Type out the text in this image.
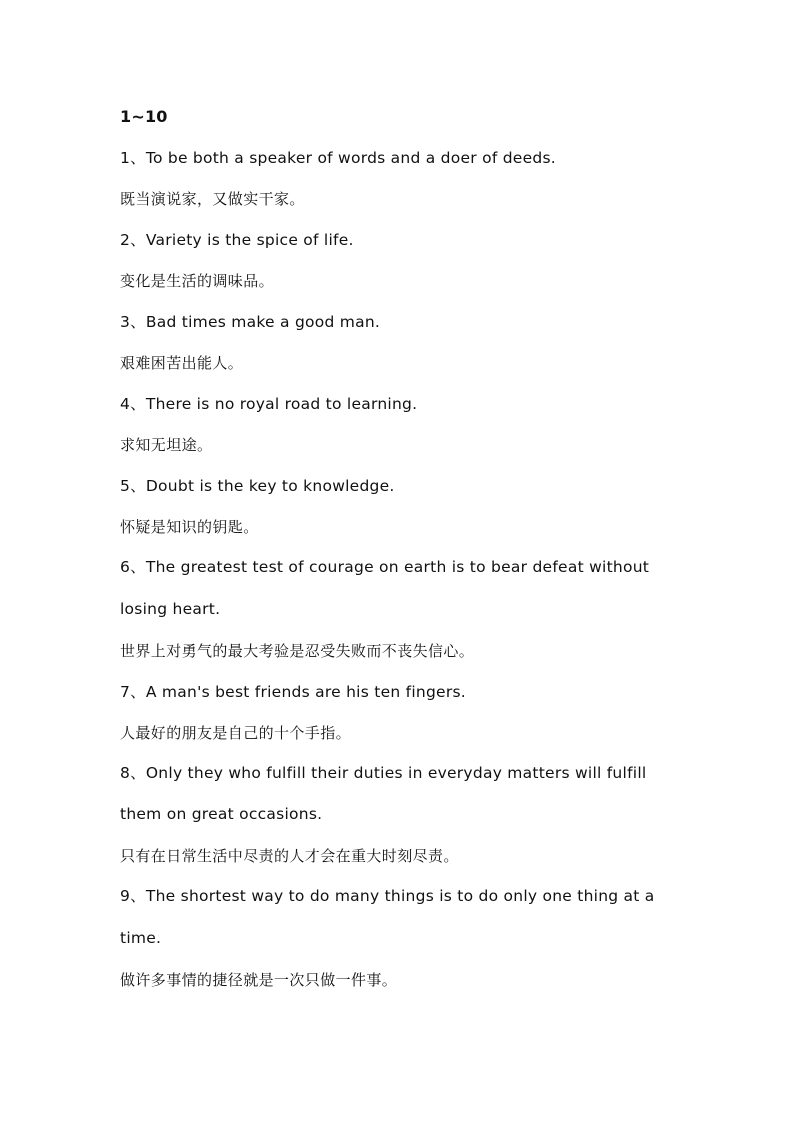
1~10

1、To be both a speaker of words and a doer of deeds.

既当演说家，又做实干家。

2、Variety is the spice of life.

变化是生活的调味品。

3、Bad times make a good man.

艰难困苦出能人。

4、There is no royal road to learning.

求知无坦途。

5、Doubt is the key to knowledge.

怀疑是知识的钥匙。

6、The greatest test of courage on earth is to bear defeat without losing heart.

世界上对勇气的最大考验是忍受失败而不丧失信心。

7、A man's best friends are his ten fingers.

人最好的朋友是自己的十个手指。

8、Only they who fulfill their duties in everyday matters will fulfill them on great occasions.

只有在日常生活中尽责的人才会在重大时刻尽责。

9、The shortest way to do many things is to do only one thing at a time.

做许多事情的捷径就是一次只做一件事。
